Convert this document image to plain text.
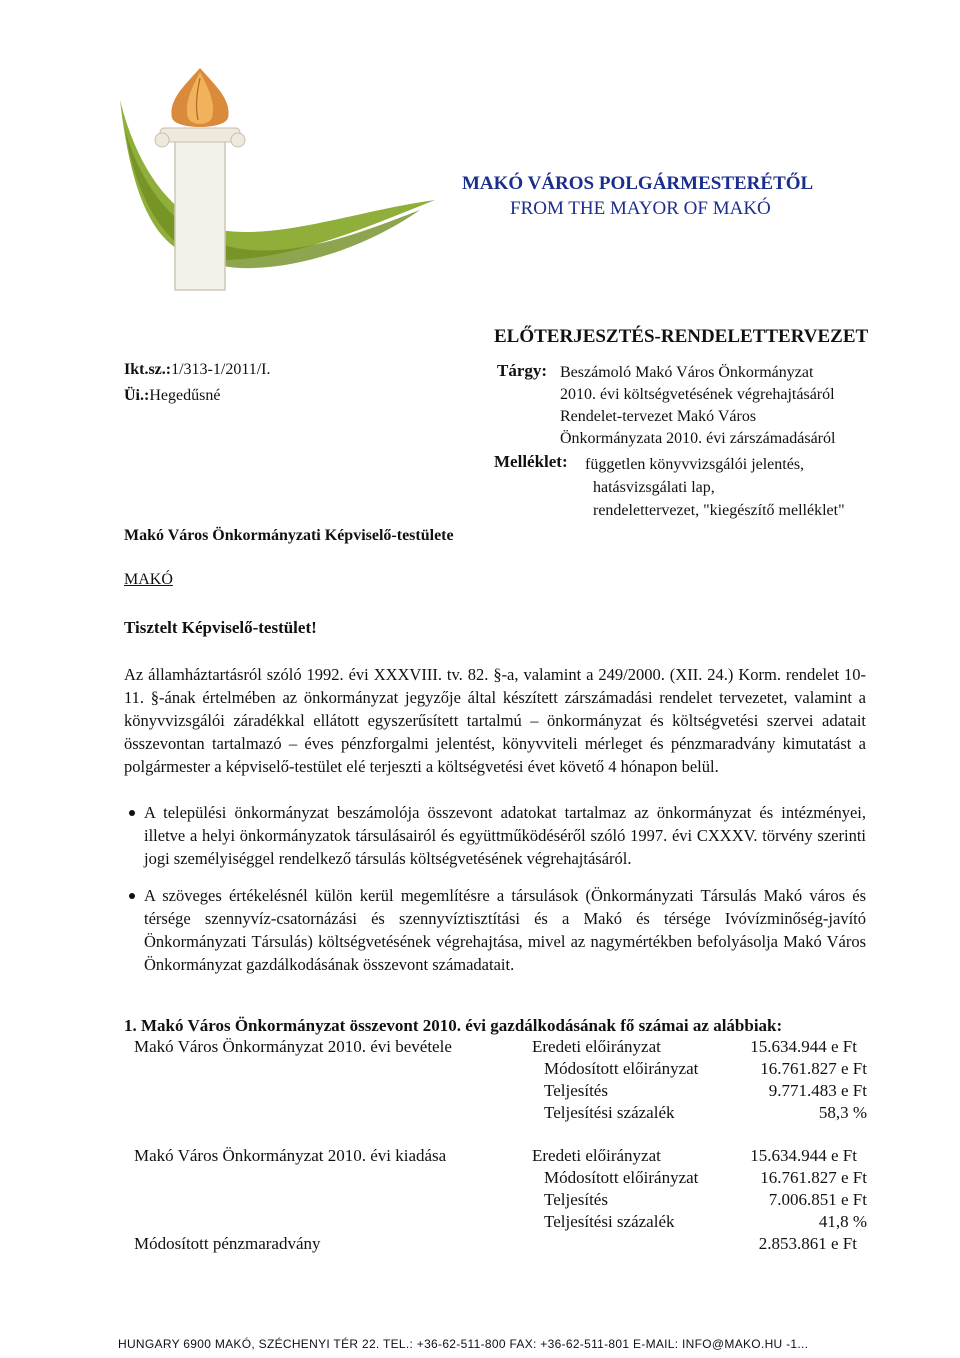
MAKÓ VÁROS POLGÁRMESTERÉTŐL
FROM THE MAYOR OF MAKÓ
ELŐTERJESZTÉS-RENDELETTERVEZET
Ikt.sz.:1/313-1/2011/I.
Üi.:Hegedűsné
Makó Város Önkormányzati Képviselő-testülete
MAKÓ
Tárgy: Beszámoló Makó Város Önkormányzat
2010. évi költségvetésének végrehajtásáról
Rendelet-tervezet Makó Város
Önkormányzata 2010. évi zárszámadásáról
Melléklet: független könyvvizsgálói jelentés,
hatásvizsgálati lap,
rendelettervezet, "kiegészítő melléklet"
Tisztelt Képviselő-testület!
Az államháztartásról szóló 1992. évi XXXVIII. tv. 82. §-a, valamint a 249/2000. (XII. 24.) Korm. rendelet 10-11. §-ának értelmében az önkormányzat jegyzője által készített zárszámadási rendelet tervezetet, valamint a könyvvizsgálói záradékkal ellátott egyszerűsített tartalmú – önkormányzat és költségvetési szervei adatait összevontan tartalmazó – éves pénzforgalmi jelentést, könyvviteli mérleget és pénzmaradvány kimutatást a polgármester a képviselő-testület elé terjeszti a költségvetési évet követő 4 hónapon belül.
A települési önkormányzat beszámolója összevont adatokat tartalmaz az önkormányzat és intézményei, illetve a helyi önkormányzatok társulásairól és együttműködéséről szóló 1997. évi CXXXV. törvény szerinti jogi személyiséggel rendelkező társulás költségvetésének végrehajtásáról.
A szöveges értékelésnél külön kerül megemlítésre a társulások (Önkormányzati Társulás Makó város és térsége szennyvíz-csatornázási és szennyvíztisztítási és a Makó és térsége Ivóvízminőség-javító Önkormányzati Társulás) költségvetésének végrehajtása, mivel az nagymértékben befolyásolja Makó Város Önkormányzat gazdálkodásának összevont számadatait.
1. Makó Város Önkormányzat összevont 2010. évi gazdálkodásának fő számai az alábbiak:
Makó Város Önkormányzat 2010. évi bevétele	Eredeti előirányzat	15.634.944 e Ft
Módosított előirányzat	16.761.827 e Ft
Teljesítés	9.771.483 e Ft
Teljesítési százalék	58,3 %
Makó Város Önkormányzat 2010. évi kiadása	Eredeti előirányzat	15.634.944 e Ft
Módosított előirányzat	16.761.827 e Ft
Teljesítés	7.006.851 e Ft
Teljesítési százalék	41,8 %
Módosított pénzmaradvány	2.853.861 e Ft
HUNGARY 6900 MAKÓ, SZÉCHENYI TÉR 22. TEL.: +36-62-511-800 FAX: +36-62-511-801 E-MAIL: INFO@MAKO.HU -1...
